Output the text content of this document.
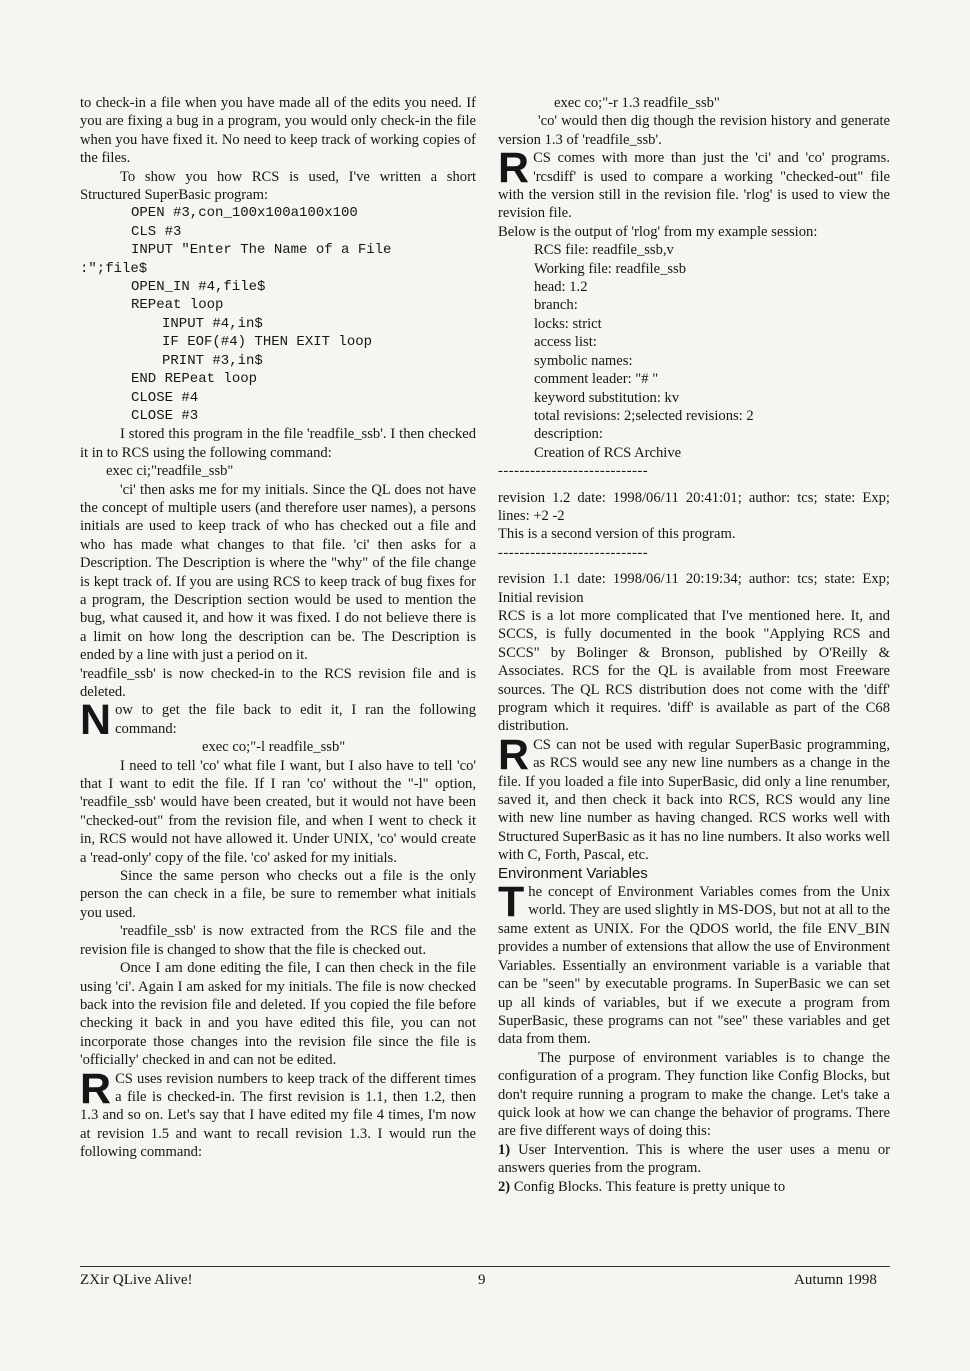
to check-in a file when you have made all of the edits you need. If you are fixing a bug in a program, you would only check-in the file when you have fixed it. No need to keep track of working copies of the files.

To show you how RCS is used, I've written a short Structured SuperBasic program:

OPEN #3,con_100x100a100x100
CLS #3
INPUT "Enter The Name of a File
:";file$
OPEN_IN #4,file$
REPeat loop
INPUT #4,in$
IF EOF(#4) THEN EXIT loop
PRINT #3,in$
END REPeat loop
CLOSE #4
CLOSE #3

I stored this program in the file 'readfile_ssb'. I then checked it in to RCS using the following command:

exec ci;"readfile_ssb"

'ci' then asks me for my initials. Since the QL does not have the concept of multiple users (and therefore user names), a persons initials are used to keep track of who has checked out a file and who has made what changes to that file. 'ci' then asks for a Description. The Description is where the "why" of the file change is kept track of. If you are using RCS to keep track of bug fixes for a program, the Description section would be used to mention the bug, what caused it, and how it was fixed. I do not believe there is a limit on how long the description can be. The Description is ended by a line with just a period on it.

'readfile_ssb' is now checked-in to the RCS revision file and is deleted.

Now to get the file back to edit it, I ran the following command:

exec co;"-l readfile_ssb"

I need to tell 'co' what file I want, but I also have to tell 'co' that I want to edit the file. If I ran 'co' without the "-l" option, 'readfile_ssb' would have been created, but it would not have been "checked-out" from the revision file, and when I went to check it in, RCS would not have allowed it. Under UNIX, 'co' would create a 'read-only' copy of the file. 'co' asked for my initials.

Since the same person who checks out a file is the only person the can check in a file, be sure to remember what initials you used.

'readfile_ssb' is now extracted from the RCS file and the revision file is changed to show that the file is checked out.

Once I am done editing the file, I can then check in the file using 'ci'. Again I am asked for my initials. The file is now checked back into the revision file and deleted. If you copied the file before checking it back in and you have edited this file, you can not incorporate those changes into the revision file since the file is 'officially' checked in and can not be edited.

RCS uses revision numbers to keep track of the different times a file is checked-in. The first revision is 1.1, then 1.2, then 1.3 and so on. Let's say that I have edited my file 4 times, I'm now at revision 1.5 and want to recall revision 1.3. I would run the following command:

exec co;"-r 1.3 readfile_ssb"

'co' would then dig though the revision history and generate version 1.3 of 'readfile_ssb'.

RCS comes with more than just the 'ci' and 'co' programs. 'rcsdiff' is used to compare a working "checked-out" file with the version still in the revision file. 'rlog' is used to view the revision file.

Below is the output of 'rlog' from my example session:

RCS file: readfile_ssb,v

Working file: readfile_ssb

head: 1.2

branch:

locks: strict

access list:

symbolic names:

comment leader: "# "

keyword substitution: kv

total revisions: 2;selected revisions: 2

description:

Creation of RCS Archive

----------------------------

revision 1.2 date: 1998/06/11 20:41:01; author: tcs; state: Exp; lines: +2 -2

This is a second version of this program.

----------------------------

revision 1.1 date: 1998/06/11 20:19:34; author: tcs; state: Exp; Initial revision

RCS is a lot more complicated that I've mentioned here. It, and SCCS, is fully documented in the book "Applying RCS and SCCS" by Bolinger & Bronson, published by O'Reilly & Associates. RCS for the QL is available from most Freeware sources. The QL RCS distribution does not come with the 'diff' program which it requires. 'diff' is available as part of the C68 distribution.

RCS can not be used with regular SuperBasic programming, as RCS would see any new line numbers as a change in the file. If you loaded a file into SuperBasic, did only a line renumber, saved it, and then check it back into RCS, RCS would any line with new line number as having changed. RCS works well with Structured SuperBasic as it has no line numbers. It also works well with C, Forth, Pascal, etc.

Environment Variables

The concept of Environment Variables comes from the Unix world. They are used slightly in MS-DOS, but not at all to the same extent as UNIX. For the QDOS world, the file ENV_BIN provides a number of extensions that allow the use of Environment Variables. Essentially an environment variable is a variable that can be "seen" by executable programs. In SuperBasic we can set up all kinds of variables, but if we execute a program from SuperBasic, these programs can not "see" these variables and get data from them.

The purpose of environment variables is to change the configuration of a program. They function like Config Blocks, but don't require running a program to make the change. Let's take a quick look at how we can change the behavior of programs. There are five different ways of doing this:

1) User Intervention. This is where the user uses a menu or answers queries from the program.

2) Config Blocks. This feature is pretty unique to

ZXir QLive Alive!	9	Autumn 1998
